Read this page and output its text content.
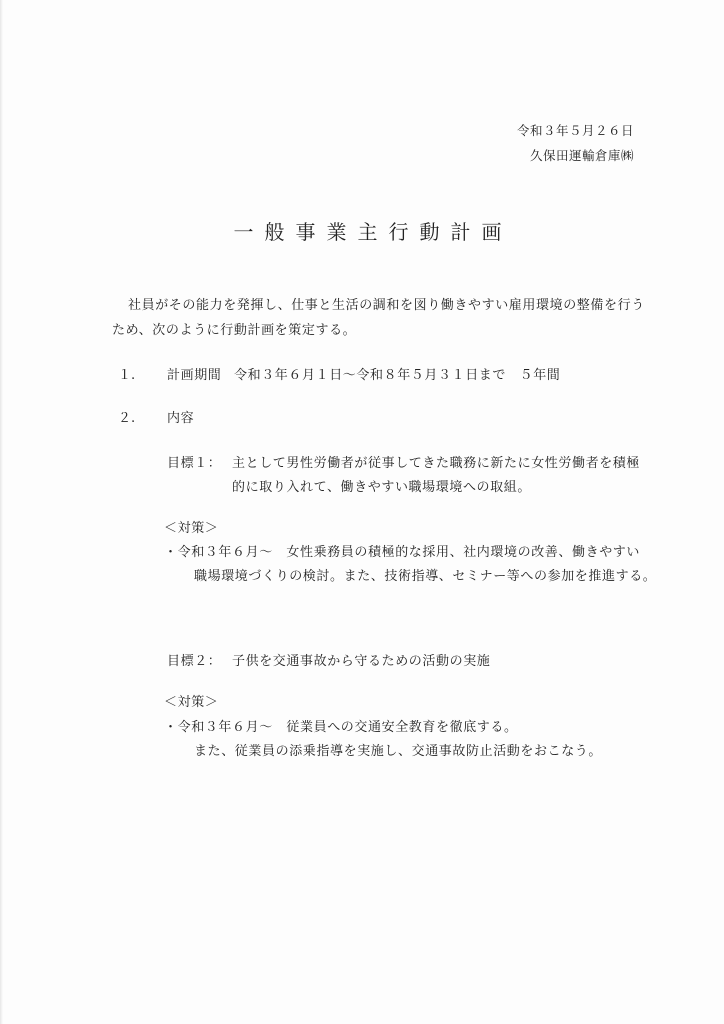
令和３年５月２６日
久保田運輸倉庫㈱
一般事業主行動計画
社員がその能力を発揮し、仕事と生活の調和を図り働きやすい雇用環境の整備を行う
ため、次のように行動計画を策定する。
１. 計画期間 令和３年６月１日～令和８年５月３１日まで　５年間
２. 内容
目標１： 主として男性労働者が従事してきた職務に新たに女性労働者を積極
的に取り入れて、働きやすい職場環境への取組。
＜対策＞
・令和３年６月～　女性乗務員の積極的な採用、社内環境の改善、働きやすい
職場環境づくりの検討。また、技術指導、セミナー等への参加を推進する。
目標２： 子供を交通事故から守るための活動の実施
＜対策＞
・令和３年６月～　従業員への交通安全教育を徹底する。
また、従業員の添乗指導を実施し、交通事故防止活動をおこなう。
